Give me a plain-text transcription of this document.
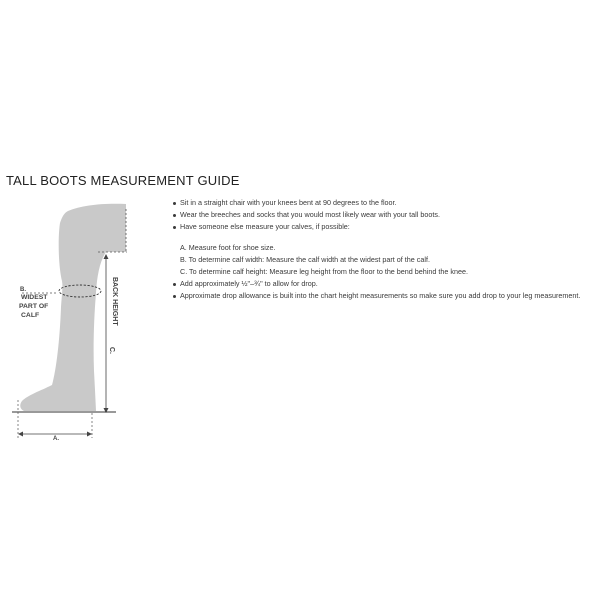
TALL BOOTS MEASUREMENT GUIDE
B.
WIDEST
PART OF
CALF	BACK HEIGHT
C.
A.
Sit in a straight chair with your knees bent at 90 degrees to the floor.
Wear the breeches and socks that you would most likely wear with your tall boots.
Have someone else measure your calves, if possible:
A. Measure foot for shoe size.
B. To determine calf width: Measure the calf width at the widest part of the calf.
C. To determine calf height: Measure leg height from the floor to the bend behind the knee.
Add approximately ½"–¾" to allow for drop.
Approximate drop allowance is built into the chart height measurements so make sure you add drop to your leg measurement.
